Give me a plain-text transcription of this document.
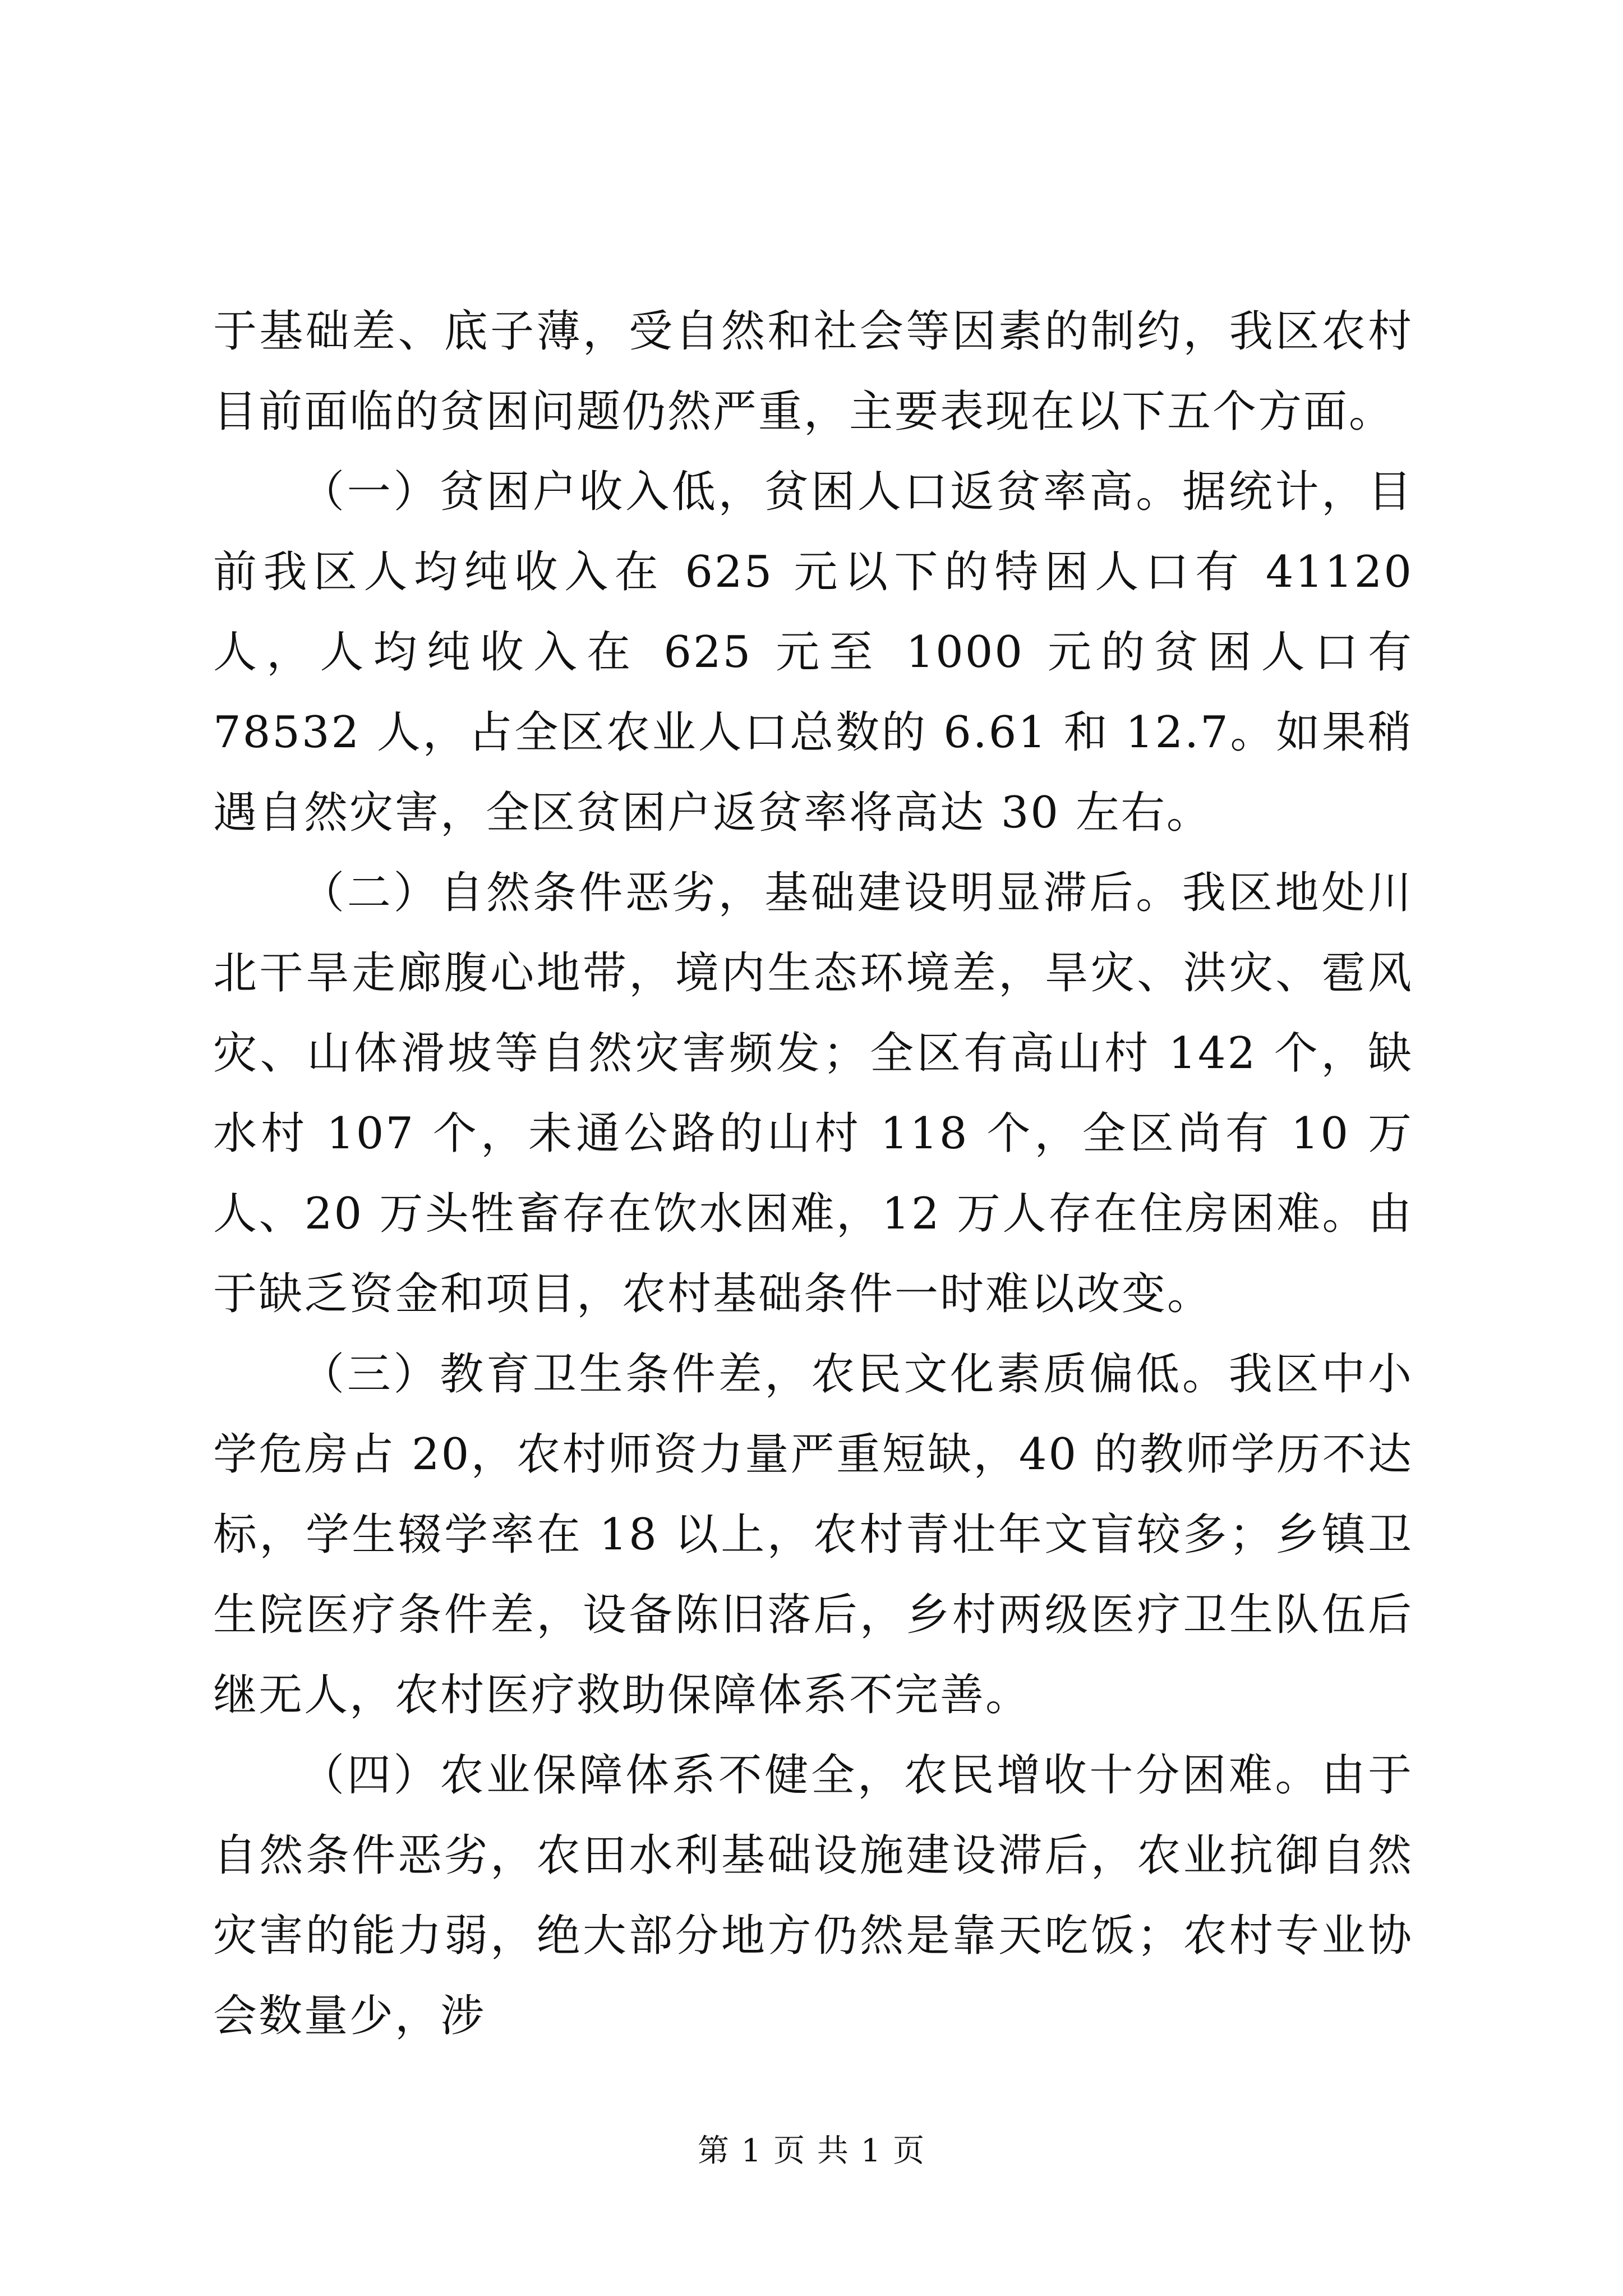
于基础差、底子薄，受自然和社会等因素的制约，我区农村目前面临的贫困问题仍然严重，主要表现在以下五个方面。

（一）贫困户收入低，贫困人口返贫率高。据统计，目前我区人均纯收入在 625 元以下的特困人口有 41120 人，人均纯收入在 625 元至 1000 元的贫困人口有 78532 人，占全区农业人口总数的 6.61 和 12.7。如果稍遇自然灾害，全区贫困户返贫率将高达 30 左右。

（二）自然条件恶劣，基础建设明显滞后。我区地处川北干旱走廊腹心地带，境内生态环境差，旱灾、洪灾、雹风灾、山体滑坡等自然灾害频发；全区有高山村 142 个，缺水村 107 个，未通公路的山村 118 个，全区尚有 10 万人、20 万头牲畜存在饮水困难，12 万人存在住房困难。由于缺乏资金和项目，农村基础条件一时难以改变。

（三）教育卫生条件差，农民文化素质偏低。我区中小学危房占 20，农村师资力量严重短缺，40 的教师学历不达标，学生辍学率在 18 以上，农村青壮年文盲较多；乡镇卫生院医疗条件差，设备陈旧落后，乡村两级医疗卫生队伍后继无人，农村医疗救助保障体系不完善。

（四）农业保障体系不健全，农民增收十分困难。由于自然条件恶劣，农田水利基础设施建设滞后，农业抗御自然灾害的能力弱，绝大部分地方仍然是靠天吃饭；农村专业协会数量少，涉

第 1 页 共 1 页
